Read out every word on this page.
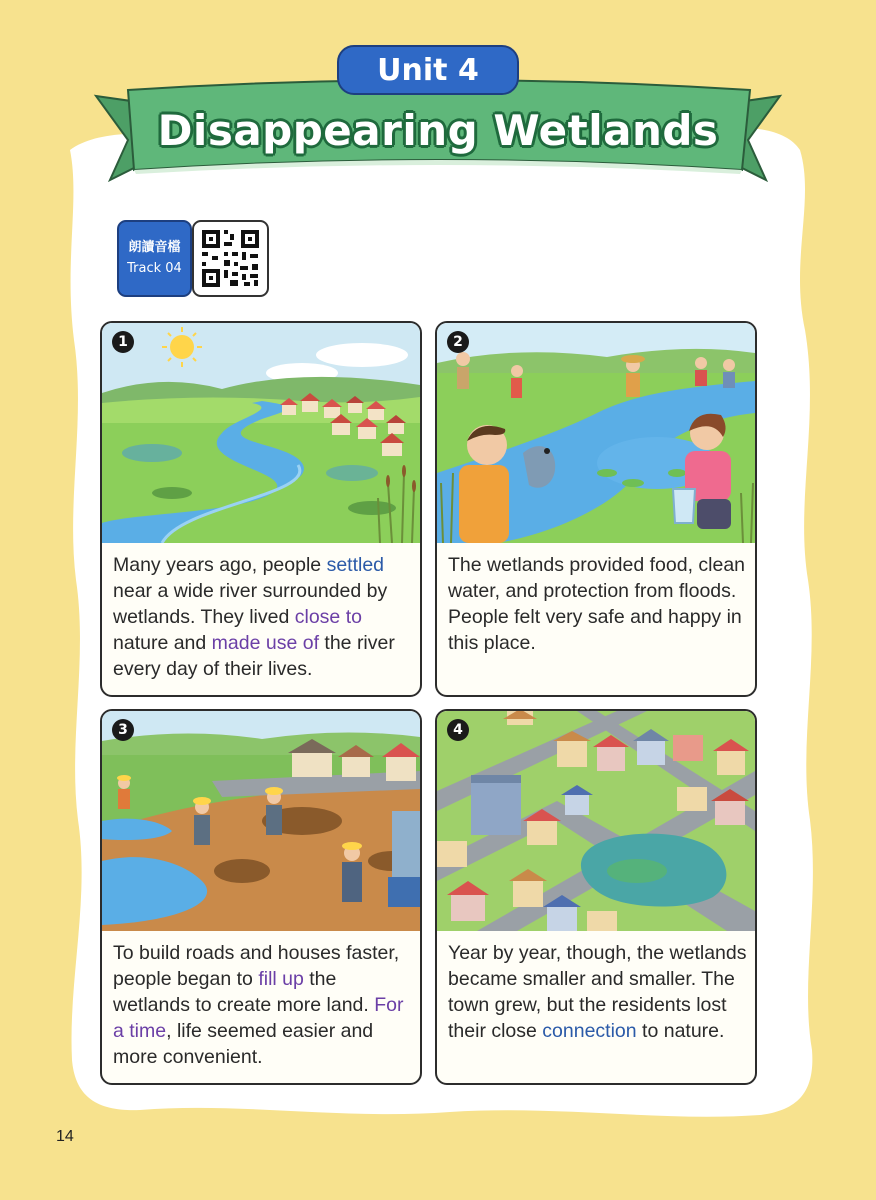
Unit 4
Disappearing Wetlands
朗讀音檔
Track 04
1

Many years ago, people settled near a wide river surrounded by wetlands. They lived close to nature and made use of the river every day of their lives.

2

The wetlands provided food, clean water, and protection from floods. People felt very safe and happy in this place.

3

To build roads and houses faster, people began to fill up the wetlands to create more land. For a time, life seemed easier and more convenient.

4

Year by year, though, the wetlands became smaller and smaller. The town grew, but the residents lost their close connection to nature.

14
